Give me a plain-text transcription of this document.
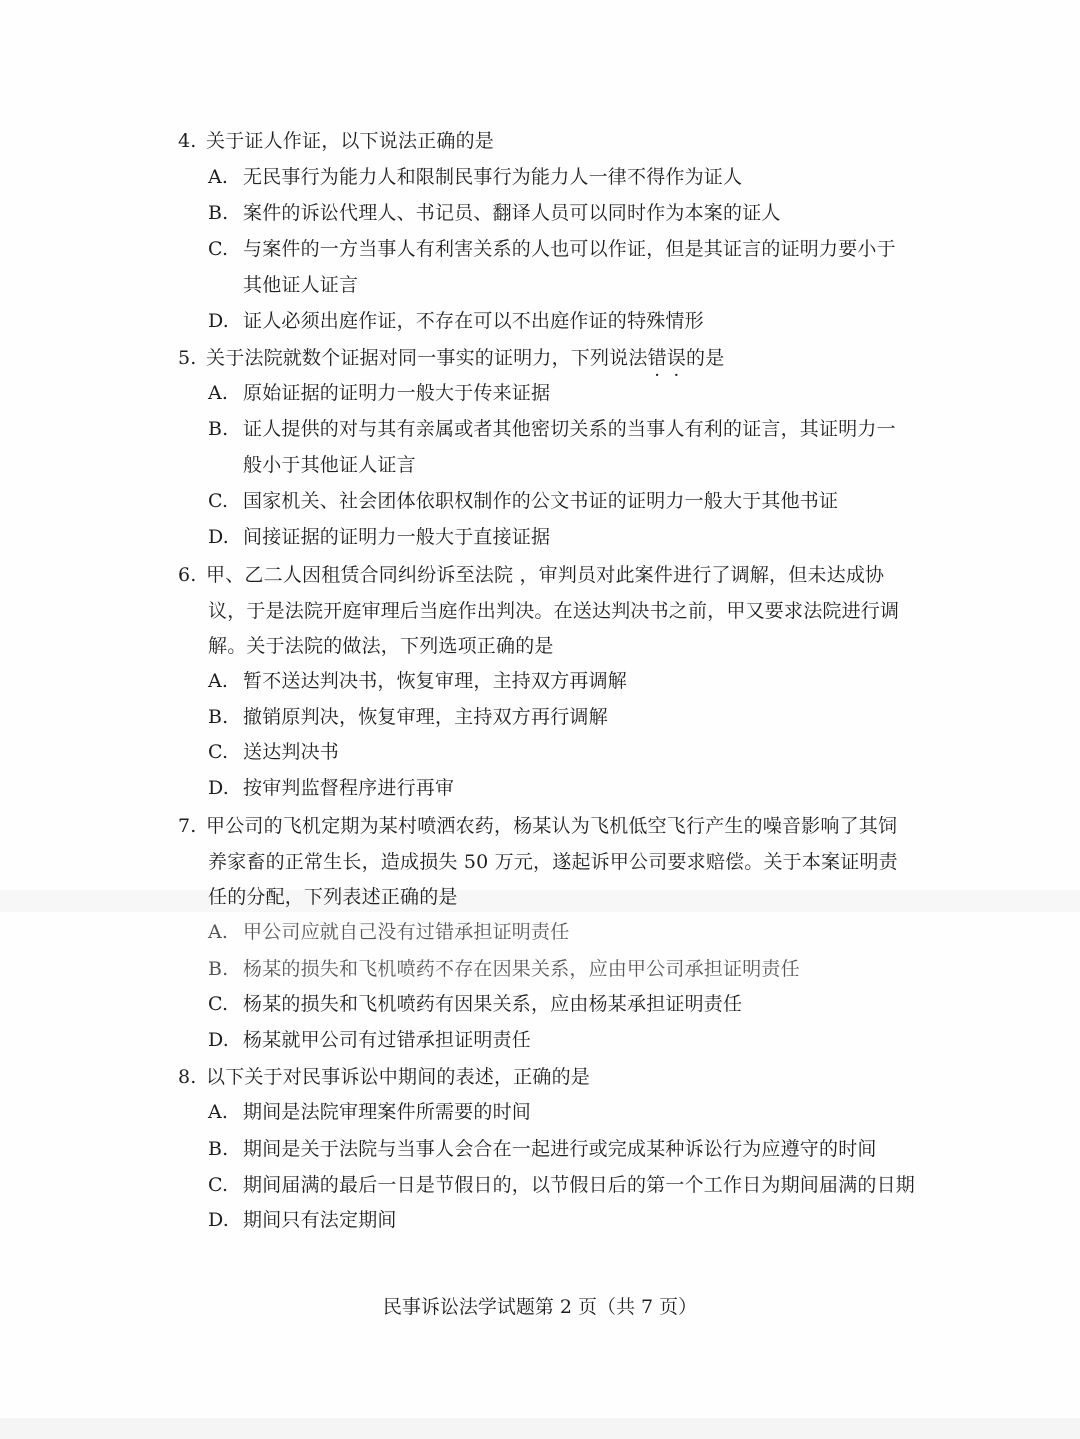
4. 关于证人作证，以下说法正确的是
A. 无民事行为能力人和限制民事行为能力人一律不得作为证人
B. 案件的诉讼代理人、书记员、翻译人员可以同时作为本案的证人
C. 与案件的一方当事人有利害关系的人也可以作证，但是其证言的证明力要小于
其他证人证言
D. 证人必须出庭作证，不存在可以不出庭作证的特殊情形
5. 关于法院就数个证据对同一事实的证明力，下列说法错误的是
A. 原始证据的证明力一般大于传来证据
B. 证人提供的对与其有亲属或者其他密切关系的当事人有利的证言，其证明力一
般小于其他证人证言
C. 国家机关、社会团体依职权制作的公文书证的证明力一般大于其他书证
D. 间接证据的证明力一般大于直接证据
6. 甲、乙二人因租赁合同纠纷诉至法院 ，审判员对此案件进行了调解，但未达成协
议，于是法院开庭审理后当庭作出判决。在送达判决书之前，甲又要求法院进行调
解。关于法院的做法，下列选项正确的是
A. 暂不送达判决书，恢复审理，主持双方再调解
B. 撤销原判决，恢复审理，主持双方再行调解
C. 送达判决书
D. 按审判监督程序进行再审
7. 甲公司的飞机定期为某村喷洒农药，杨某认为飞机低空飞行产生的噪音影响了其饲
养家畜的正常生长，造成损失 50 万元，遂起诉甲公司要求赔偿。关于本案证明责
任的分配，下列表述正确的是
A. 甲公司应就自己没有过错承担证明责任
B. 杨某的损失和飞机喷药不存在因果关系，应由甲公司承担证明责任
C. 杨某的损失和飞机喷药有因果关系，应由杨某承担证明责任
D. 杨某就甲公司有过错承担证明责任
8. 以下关于对民事诉讼中期间的表述，正确的是
A. 期间是法院审理案件所需要的时间
B. 期间是关于法院与当事人会合在一起进行或完成某种诉讼行为应遵守的时间
C. 期间届满的最后一日是节假日的，以节假日后的第一个工作日为期间届满的日期
D. 期间只有法定期间
民事诉讼法学试题第 2 页（共 7 页）
